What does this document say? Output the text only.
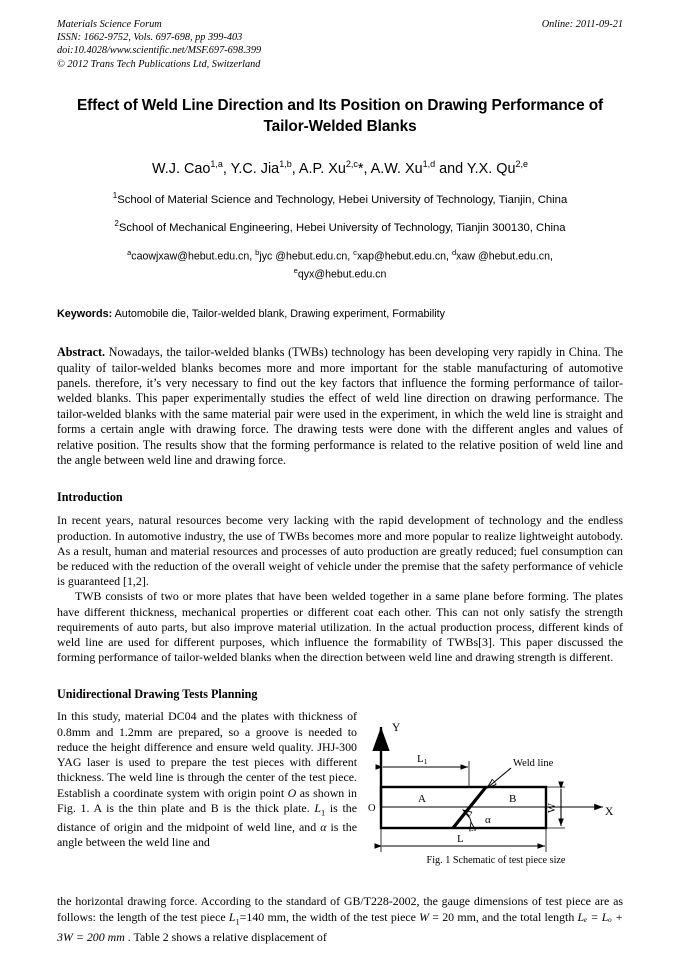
Materials Science Forum
ISSN: 1662-9752, Vols. 697-698, pp 399-403
doi:10.4028/www.scientific.net/MSF.697-698.399
© 2012 Trans Tech Publications Ltd, Switzerland
Online: 2011-09-21
Effect of Weld Line Direction and Its Position on Drawing Performance of Tailor-Welded Blanks
W.J. Cao$^{1,a}$, Y.C. Jia$^{1,b}$, A.P. Xu$^{2,c}$*, A.W. Xu$^{1,d}$ and Y.X. Qu$^{2,e}$
$^1$School of Material Science and Technology, Hebei University of Technology, Tianjin, China
$^2$School of Mechanical Engineering, Hebei University of Technology, Tianjin 300130, China
$^a$caowjxaw@hebut.edu.cn, $^b$jyc @hebut.edu.cn, $^c$xap@hebut.edu.cn, $^d$xaw @hebut.edu.cn,
$^e$qyx@hebut.edu.cn
Keywords: Automobile die, Tailor-welded blank, Drawing experiment, Formability
Abstract. Nowadays, the tailor-welded blanks (TWBs) technology has been developing very rapidly in China. The quality of tailor-welded blanks becomes more and more important for the stable manufacturing of automotive panels. therefore, it’s very necessary to find out the key factors that influence the forming performance of tailor-welded blanks. This paper experimentally studies the effect of weld line direction on drawing performance. The tailor-welded blanks with the same material pair were used in the experiment, in which the weld line is straight and forms a certain angle with drawing force. The drawing tests were done with the different angles and values of relative position. The results show that the forming performance is related to the relative position of weld line and the angle between weld line and drawing force.
Introduction
In recent years, natural resources become very lacking with the rapid development of technology and the endless production. In automotive industry, the use of TWBs becomes more and more popular to realize lightweight autobody. As a result, human and material resources and processes of auto production are greatly reduced; fuel consumption can be reduced with the reduction of the overall weight of vehicle under the premise that the safety performance of vehicle is guaranteed [1,2].
TWB consists of two or more plates that have been welded together in a same plane before forming. The plates have different thickness, mechanical properties or different coat each other. This can not only satisfy the strength requirements of auto parts, but also improve material utilization. In the actual production process, different kinds of weld line are used for different purposes, which influence the formability of TWBs[3]. This paper discussed the forming performance of tailor-welded blanks when the direction between weld line and drawing strength is different.
Unidirectional Drawing Tests Planning
In this study, material DC04 and the plates with thickness of 0.8mm and 1.2mm are prepared, so a groove is needed to reduce the height difference and ensure weld quality. JHJ-300 YAG laser is used to prepare the test pieces with different thickness. The weld line is through the center of the test piece. Establish a coordinate system with origin point O as shown in Fig. 1. A is the thin plate and B is the thick plate. $L_1$ is the distance of origin and the midpoint of weld line, and α is the angle between the weld line and
Y
X
O
Weld line
α
L1
L
W
A	B
Fig. 1 Schematic of test piece size
the horizontal drawing force. According to the standard of GB/T228-2002, the gauge dimensions of test piece are as follows: the length of the test piece $L_1=140$ mm, the width of the test piece W = 20 mm, and the total length Lₑ = Lₒ + 3W = 200 mm . Table 2 shows a relative displacement of
